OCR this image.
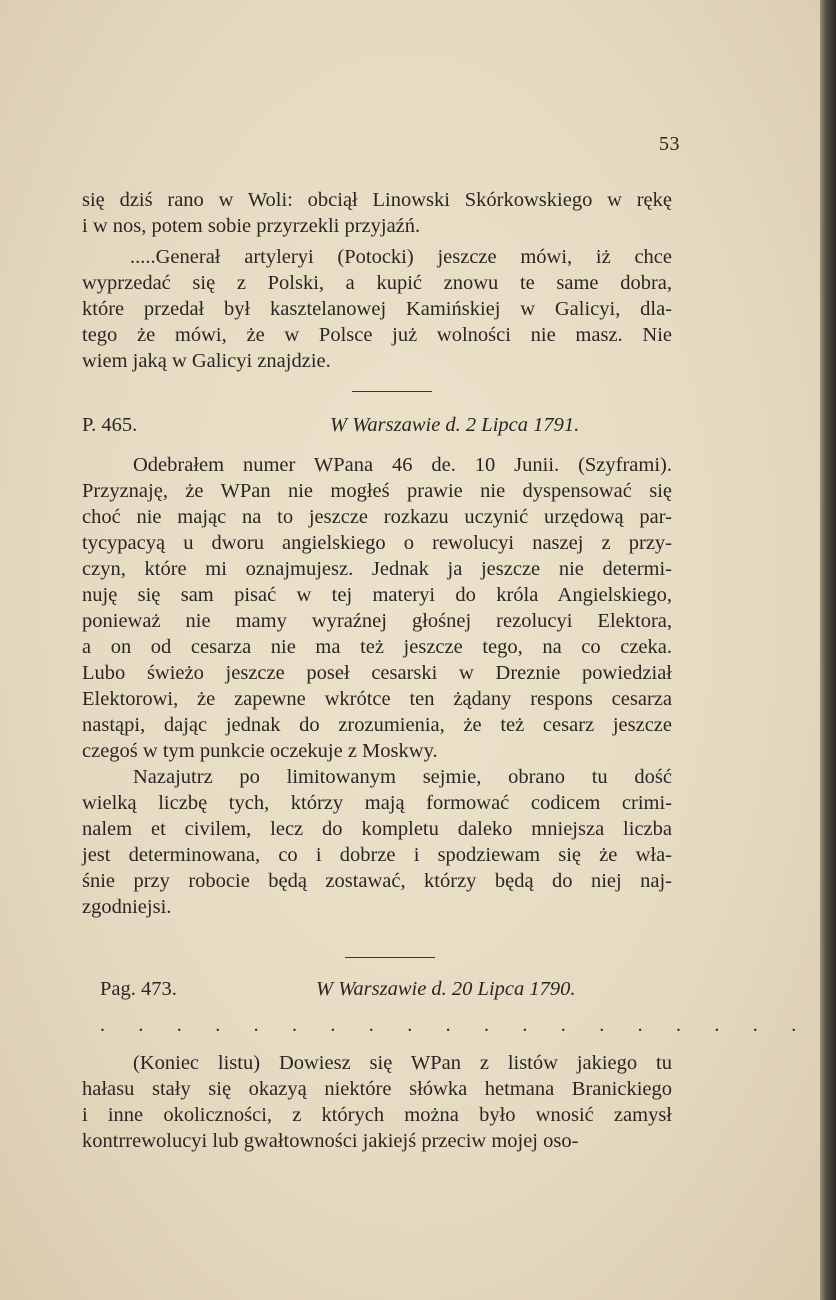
53
się dziś rano w Woli: obciął Linowski Skórkowskiego w rękę
i w nos, potem sobie przyrzekli przyjaźń.
.....Generał artyleryi (Potocki) jeszcze mówi, iż chce
wyprzedać się z Polski, a kupić znowu te same dobra,
które przedał był kasztelanowej Kamińskiej w Galicyi, dla-
tego że mówi, że w Polsce już wolności nie masz. Nie
wiem jaką w Galicyi znajdzie.
P. 465.	W Warszawie d. 2 Lipca 1791.
Odebrałem numer WPana 46 de. 10 Junii. (Szyframi).
Przyznaję, że WPan nie mogłeś prawie nie dyspensować się
choć nie mając na to jeszcze rozkazu uczynić urzędową par-
tycypacyą u dworu angielskiego o rewolucyi naszej z przy-
czyn, które mi oznajmujesz. Jednak ja jeszcze nie determi-
nuję się sam pisać w tej materyi do króla Angielskiego,
ponieważ nie mamy wyraźnej głośnej rezolucyi Elektora,
a on od cesarza nie ma też jeszcze tego, na co czeka.
Lubo świeżo jeszcze poseł cesarski w Dreznie powiedział
Elektorowi, że zapewne wkrótce ten żądany respons cesarza
nastąpi, dając jednak do zrozumienia, że też cesarz jeszcze
czegoś w tym punkcie oczekuje z Moskwy.
Nazajutrz po limitowanym sejmie, obrano tu dość
wielką liczbę tych, którzy mają formować codicem crimi-
nalem et civilem, lecz do kompletu daleko mniejsza liczba
jest determinowana, co i dobrze i spodziewam się że wła-
śnie przy robocie będą zostawać, którzy będą do niej naj-
zgodniejsi.
Pag. 473.	W Warszawie d. 20 Lipca 1790.
. . . . . . . . . . . . . . . . . . .
(Koniec listu) Dowiesz się WPan z listów jakiego tu
hałasu stały się okazyą niektóre słówka hetmana Branickiego
i inne okoliczności, z których można było wnosić zamysł
kontrrewolucyi lub gwałtowności jakiejś przeciw mojej oso-
